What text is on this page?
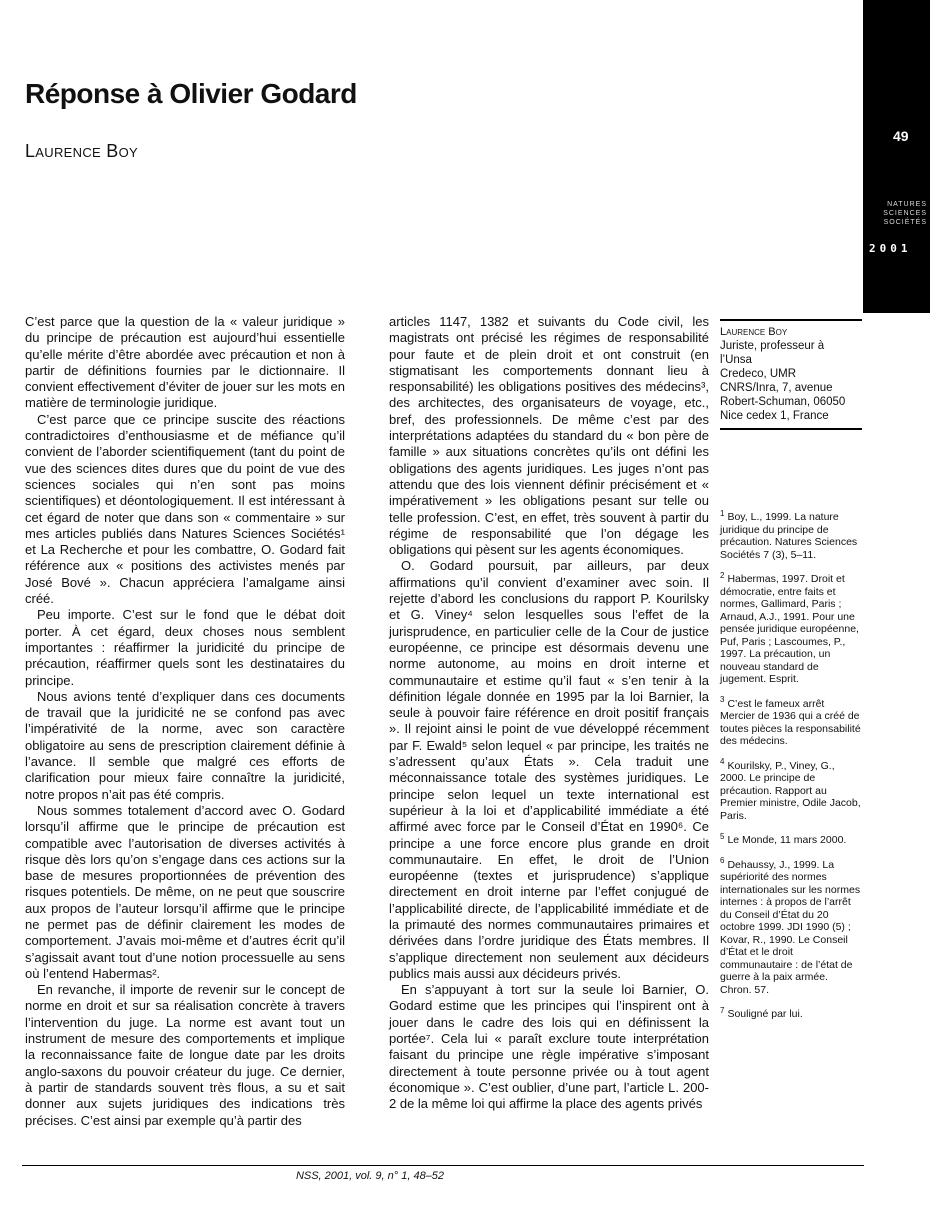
49
NATURES SCIENCES SOCIÉTÉS
2001
Réponse à Olivier Godard
Laurence Boy

C’est parce que la question de la « valeur juridique » du principe de précaution est aujourd’hui essentielle qu’elle mérite d’être abordée avec précaution et non à partir de définitions fournies par le dictionnaire. Il convient effectivement d’éviter de jouer sur les mots en matière de terminologie juridique.

C’est parce que ce principe suscite des réactions contradictoires d’enthousiasme et de méfiance qu’il convient de l’aborder scientifiquement (tant du point de vue des sciences dites dures que du point de vue des sciences sociales qui n’en sont pas moins scientifiques) et déontologiquement. Il est intéressant à cet égard de noter que dans son « commentaire » sur mes articles publiés dans Natures Sciences Sociétés¹ et La Recherche et pour les combattre, O. Godard fait référence aux « positions des activistes menés par José Bové ». Chacun appréciera l’amalgame ainsi créé.

Peu importe. C’est sur le fond que le débat doit porter. À cet égard, deux choses nous semblent importantes : réaffirmer la juridicité du principe de précaution, réaffirmer quels sont les destinataires du principe.

Nous avions tenté d’expliquer dans ces documents de travail que la juridicité ne se confond pas avec l’impérativité de la norme, avec son caractère obligatoire au sens de prescription clairement définie à l’avance. Il semble que malgré ces efforts de clarification pour mieux faire connaître la juridicité, notre propos n’ait pas été compris.

Nous sommes totalement d’accord avec O. Godard lorsqu’il affirme que le principe de précaution est compatible avec l’autorisation de diverses activités à risque dès lors qu’on s’engage dans ces actions sur la base de mesures proportionnées de prévention des risques potentiels. De même, on ne peut que souscrire aux propos de l’auteur lorsqu’il affirme que le principe ne permet pas de définir clairement les modes de comportement. J’avais moi-même et d’autres écrit qu’il s’agissait avant tout d’une notion processuelle au sens où l’entend Habermas².

En revanche, il importe de revenir sur le concept de norme en droit et sur sa réalisation concrète à travers l’intervention du juge. La norme est avant tout un instrument de mesure des comportements et implique la reconnaissance faite de longue date par les droits anglo-saxons du pouvoir créateur du juge. Ce dernier, à partir de standards souvent très flous, a su et sait donner aux sujets juridiques des indications très précises. C’est ainsi par exemple qu’à partir des

articles 1147, 1382 et suivants du Code civil, les magistrats ont précisé les régimes de responsabilité pour faute et de plein droit et ont construit (en stigmatisant les comportements donnant lieu à responsabilité) les obligations positives des médecins³, des architectes, des organisateurs de voyage, etc., bref, des professionnels. De même c’est par des interprétations adaptées du standard du « bon père de famille » aux situations concrètes qu’ils ont défini les obligations des agents juridiques. Les juges n’ont pas attendu que des lois viennent définir précisément et « impérativement » les obligations pesant sur telle ou telle profession. C’est, en effet, très souvent à partir du régime de responsabilité que l’on dégage les obligations qui pèsent sur les agents économiques.

O. Godard poursuit, par ailleurs, par deux affirmations qu’il convient d’examiner avec soin. Il rejette d’abord les conclusions du rapport P. Kourilsky et G. Viney⁴ selon lesquelles sous l’effet de la jurisprudence, en particulier celle de la Cour de justice européenne, ce principe est désormais devenu une norme autonome, au moins en droit interne et communautaire et estime qu’il faut « s’en tenir à la définition légale donnée en 1995 par la loi Barnier, la seule à pouvoir faire référence en droit positif français ». Il rejoint ainsi le point de vue développé récemment par F. Ewald⁵ selon lequel « par principe, les traités ne s’adressent qu’aux États ». Cela traduit une méconnaissance totale des systèmes juridiques. Le principe selon lequel un texte international est supérieur à la loi et d’applicabilité immédiate a été affirmé avec force par le Conseil d’État en 1990⁶. Ce principe a une force encore plus grande en droit communautaire. En effet, le droit de l’Union européenne (textes et jurisprudence) s’applique directement en droit interne par l’effet conjugué de l’applicabilité directe, de l’applicabilité immédiate et de la primauté des normes communautaires primaires et dérivées dans l’ordre juridique des États membres. Il s’applique directement non seulement aux décideurs publics mais aussi aux décideurs privés.

En s’appuyant à tort sur la seule loi Barnier, O. Godard estime que les principes qui l’inspirent ont à jouer dans le cadre des lois qui en définissent la portée⁷. Cela lui « paraît exclure toute interprétation faisant du principe une règle impérative s’imposant directement à toute personne privée ou à tout agent économique ». C’est oublier, d’une part, l’article L. 200-2 de la même loi qui affirme la place des agents privés

Laurence Boy
Juriste, professeur à
l’Unsa
Credeco, UMR
CNRS/Inra, 7, avenue
Robert-Schuman, 06050
Nice cedex 1, France

$^1$ Boy, L., 1999. La nature juridique du principe de précaution. Natures Sciences Sociétés 7 (3), 5–11.

$^2$ Habermas, 1997. Droit et démocratie, entre faits et normes, Gallimard, Paris ; Arnaud, A.J., 1991. Pour une pensée juridique européenne, Puf, Paris ; Lascoumes, P., 1997. La précaution, un nouveau standard de jugement. Esprit.

$^3$ C’est le fameux arrêt Mercier de 1936 qui a créé de toutes pièces la responsabilité des médecins.

$^4$ Kourilsky, P., Viney, G., 2000. Le principe de précaution. Rapport au Premier ministre, Odile Jacob, Paris.

$^5$ Le Monde, 11 mars 2000.

$^6$ Dehaussy, J., 1999. La supériorité des normes internationales sur les normes internes : à propos de l’arrêt du Conseil d’État du 20 octobre 1999. JDI 1990 (5) ; Kovar, R., 1990. Le Conseil d’État et le droit communautaire : de l’état de guerre à la paix armée. Chron. 57.

$^7$ Souligné par lui.

NSS, 2001, vol. 9, n° 1, 48–52
